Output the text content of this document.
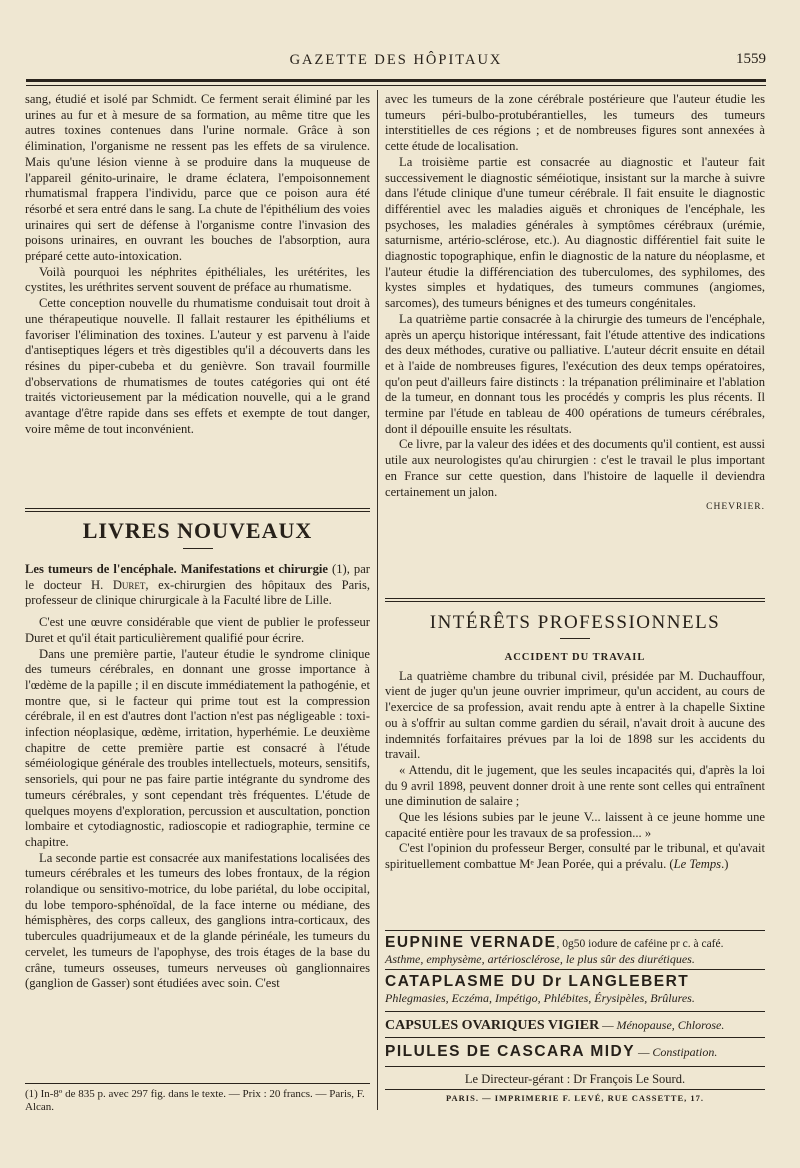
GAZETTE DES HÔPITAUX	1559

sang, étudié et isolé par Schmidt. Ce ferment serait éliminé par les urines au fur et à mesure de sa formation, au même titre que les autres toxines contenues dans l'urine normale. Grâce à son élimination, l'organisme ne ressent pas les effets de sa virulence. Mais qu'une lésion vienne à se produire dans la muqueuse de l'appareil génito-urinaire, le drame éclatera, l'empoisonnement rhumatismal frappera l'individu, parce que ce poison aura été résorbé et sera entré dans le sang. La chute de l'épithélium des voies urinaires qui sert de défense à l'organisme contre l'invasion des poisons urinaires, en ouvrant les bouches de l'absorption, aura préparé cette auto-intoxication.

Voilà pourquoi les néphrites épithéliales, les urétérites, les cystites, les uréthrites servent souvent de préface au rhumatisme.

Cette conception nouvelle du rhumatisme conduisait tout droit à une thérapeutique nouvelle. Il fallait restaurer les épithéliums et favoriser l'élimination des toxines. L'auteur y est parvenu à l'aide d'antiseptiques légers et très digestibles qu'il a découverts dans les résines du piper-cubeba et du genièvre. Son travail fourmille d'observations de rhumatismes de toutes catégories qui ont été traités victorieusement par la médication nouvelle, qui a le grand avantage d'être rapide dans ses effets et exempte de tout danger, voire même de tout inconvénient.

LIVRES NOUVEAUX

Les tumeurs de l'encéphale. Manifestations et chirurgie (1), par le docteur H. Duret, ex-chirurgien des hôpitaux des Paris, professeur de clinique chirurgicale à la Faculté libre de Lille.

C'est une œuvre considérable que vient de publier le professeur Duret et qu'il était particulièrement qualifié pour écrire.

Dans une première partie, l'auteur étudie le syndrome clinique des tumeurs cérébrales, en donnant une grosse importance à l'œdème de la papille ; il en discute immédiatement la pathogénie, et montre que, si le facteur qui prime tout est la compression cérébrale, il en est d'autres dont l'action n'est pas négligeable : toxi-infection néoplasique, œdème, irritation, hyperhémie. Le deuxième chapitre de cette première partie est consacré à l'étude séméiologique générale des troubles intellectuels, moteurs, sensitifs, sensoriels, qui pour ne pas faire partie intégrante du syndrome des tumeurs cérébrales, y sont cependant très fréquentes. L'étude de quelques moyens d'exploration, percussion et auscultation, ponction lombaire et cytodiagnostic, radioscopie et radiographie, termine ce chapitre.

La seconde partie est consacrée aux manifestations localisées des tumeurs cérébrales et les tumeurs des lobes frontaux, de la région rolandique ou sensitivo-motrice, du lobe pariétal, du lobe occipital, du lobe temporo-sphénoïdal, de la face interne ou médiane, des hémisphères, des corps calleux, des ganglions intra-corticaux, des tubercules quadrijumeaux et de la glande périnéale, les tumeurs du cervelet, les tumeurs de l'apophyse, des trois étages de la base du crâne, tumeurs osseuses, tumeurs nerveuses où ganglionnaires (ganglion de Gasser) sont étudiées avec soin. C'est

(1) In-8º de 835 p. avec 297 fig. dans le texte. — Prix : 20 francs. — Paris, F. Alcan.

avec les tumeurs de la zone cérébrale postérieure que l'auteur étudie les tumeurs péri-bulbo-protubérantielles, les tumeurs des tumeurs interstitielles de ces régions ; et de nombreuses figures sont annexées à cette étude de localisation.

La troisième partie est consacrée au diagnostic et l'auteur fait successivement le diagnostic séméiotique, insistant sur la marche à suivre dans l'étude clinique d'une tumeur cérébrale. Il fait ensuite le diagnostic différentiel avec les maladies aiguës et chroniques de l'encéphale, les psychoses, les maladies générales à symptômes cérébraux (urémie, saturnisme, artério-sclérose, etc.). Au diagnostic différentiel fait suite le diagnostic topographique, enfin le diagnostic de la nature du néoplasme, et l'auteur étudie la différenciation des tuberculomes, des syphilomes, des kystes simples et hydatiques, des tumeurs communes (angiomes, sarcomes), des tumeurs bénignes et des tumeurs congénitales.

La quatrième partie consacrée à la chirurgie des tumeurs de l'encéphale, après un aperçu historique intéressant, fait l'étude attentive des indications des deux méthodes, curative ou palliative. L'auteur décrit ensuite en détail et à l'aide de nombreuses figures, l'exécution des deux temps opératoires, qu'on peut d'ailleurs faire distincts : la trépanation préliminaire et l'ablation de la tumeur, en donnant tous les procédés y compris les plus récents. Il termine par l'étude en tableau de 400 opérations de tumeurs cérébrales, dont il dépouille ensuite les résultats.

Ce livre, par la valeur des idées et des documents qu'il contient, est aussi utile aux neurologistes qu'au chirurgien : c'est le travail le plus important en France sur cette question, dans l'histoire de laquelle il deviendra certainement un jalon.

CHEVRIER.

INTÉRÊTS PROFESSIONNELS

ACCIDENT DU TRAVAIL

La quatrième chambre du tribunal civil, présidée par M. Duchauffour, vient de juger qu'un jeune ouvrier imprimeur, qu'un accident, au cours de l'exercice de sa profession, avait rendu apte à entrer à la chapelle Sixtine ou à s'offrir au sultan comme gardien du sérail, n'avait droit à aucune des indemnités forfaitaires prévues par la loi de 1898 sur les accidents du travail.

« Attendu, dit le jugement, que les seules incapacités qui, d'après la loi du 9 avril 1898, peuvent donner droit à une rente sont celles qui entraînent une diminution de salaire ;

Que les lésions subies par le jeune V... laissent à ce jeune homme une capacité entière pour les travaux de sa profession... »

C'est l'opinion du professeur Berger, consulté par le tribunal, et qu'avait spirituellement combattue Mᵉ Jean Porée, qui a prévalu. (Le Temps.)

EUPNINE VERNADE, 0g50 iodure de caféine pr c. à café.
Asthme, emphysème, artériosclérose, le plus sûr des diurétiques.
CATAPLASME DU Dr LANGLEBERT
Phlegmasies, Eczéma, Impétigo, Phlébites, Érysipèles, Brûlures.
CAPSULES OVARIQUES VIGIER — Ménopause, Chlorose.
PILULES DE CASCARA MIDY — Constipation.
Le Directeur-gérant : Dr François Le Sourd.
PARIS. — IMPRIMERIE F. LEVÉ, RUE CASSETTE, 17.
